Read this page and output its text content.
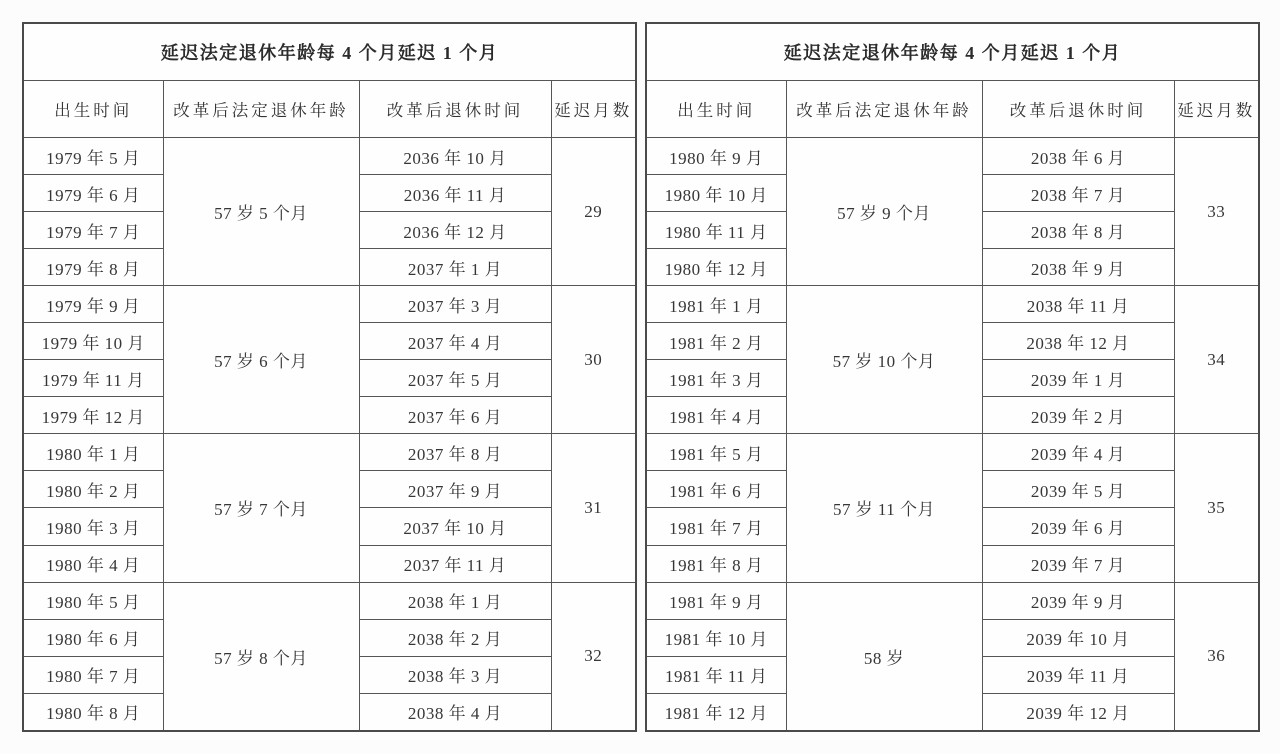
延迟法定退休年龄每 4 个月延迟 1 个月			
出生时间	改革后法定退休年龄	改革后退休时间	延迟月数
1979 年 5 月	57 岁 5 个月	2036 年 10 月	29
1979 年 6 月		2036 年 11 月	
1979 年 7 月		2036 年 12 月	
1979 年 8 月		2037 年 1 月	
1979 年 9 月	57 岁 6 个月	2037 年 3 月	30
1979 年 10 月		2037 年 4 月	
1979 年 11 月		2037 年 5 月	
1979 年 12 月		2037 年 6 月	
1980 年 1 月	57 岁 7 个月	2037 年 8 月	31
1980 年 2 月		2037 年 9 月	
1980 年 3 月		2037 年 10 月	
1980 年 4 月		2037 年 11 月	
1980 年 5 月	57 岁 8 个月	2038 年 1 月	32
1980 年 6 月		2038 年 2 月	
1980 年 7 月		2038 年 3 月	
1980 年 8 月		2038 年 4 月	
延迟法定退休年龄每 4 个月延迟 1 个月			
出生时间	改革后法定退休年龄	改革后退休时间	延迟月数
1980 年 9 月	57 岁 9 个月	2038 年 6 月	33
1980 年 10 月		2038 年 7 月	
1980 年 11 月		2038 年 8 月	
1980 年 12 月		2038 年 9 月	
1981 年 1 月	57 岁 10 个月	2038 年 11 月	34
1981 年 2 月		2038 年 12 月	
1981 年 3 月		2039 年 1 月	
1981 年 4 月		2039 年 2 月	
1981 年 5 月	57 岁 11 个月	2039 年 4 月	35
1981 年 6 月		2039 年 5 月	
1981 年 7 月		2039 年 6 月	
1981 年 8 月		2039 年 7 月	
1981 年 9 月	58 岁	2039 年 9 月	36
1981 年 10 月		2039 年 10 月	
1981 年 11 月		2039 年 11 月	
1981 年 12 月		2039 年 12 月	
